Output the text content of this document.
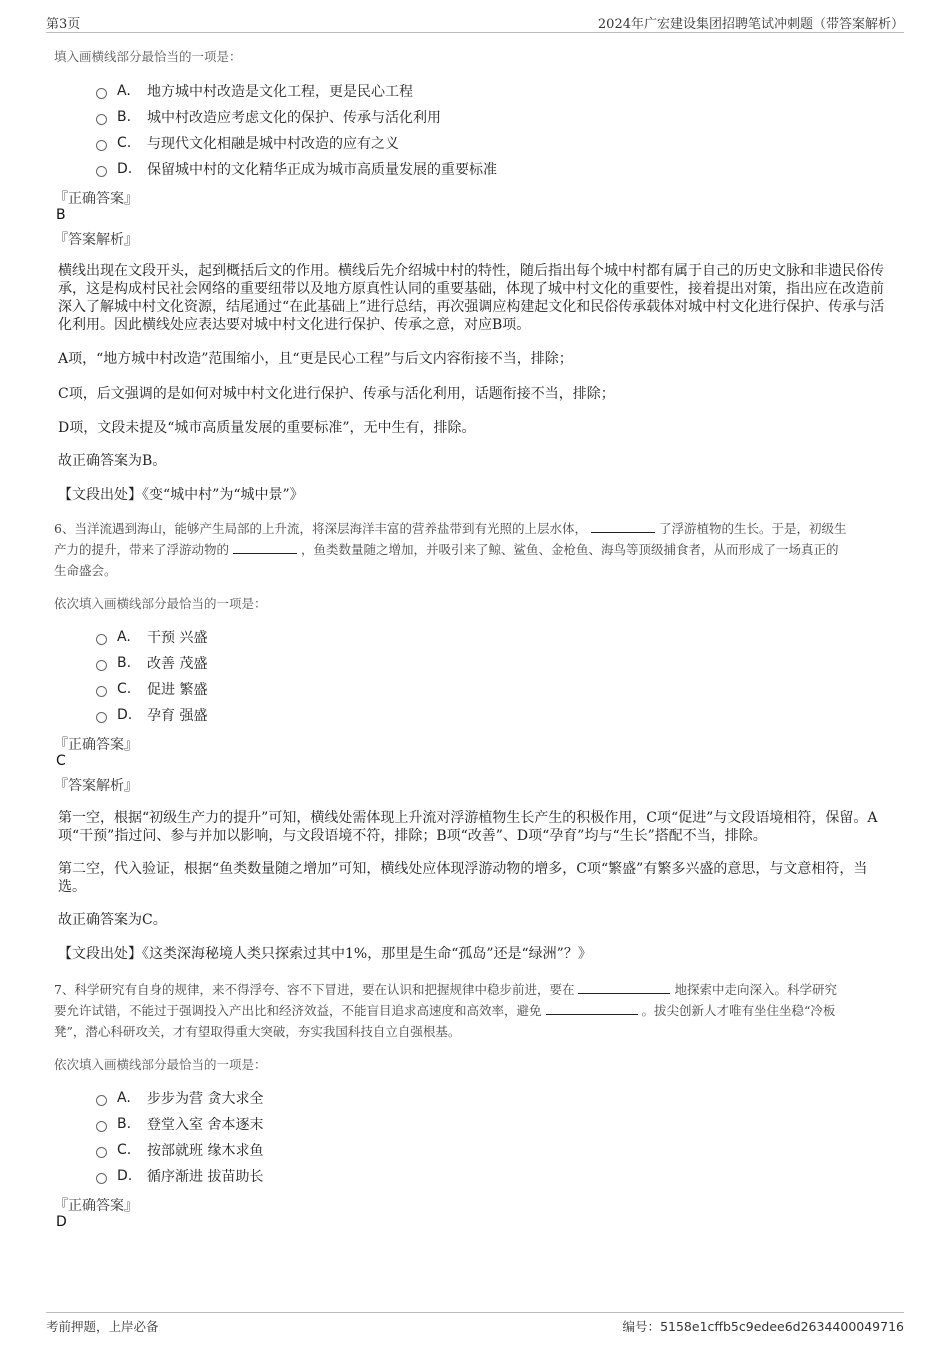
第3页	2024年广宏建设集团招聘笔试冲刺题（带答案解析）
填入画横线部分最恰当的一项是：
A.	地方城中村改造是文化工程，更是民心工程
B.	城中村改造应考虑文化的保护、传承与活化利用
C.	与现代文化相融是城中村改造的应有之义
D.	保留城中村的文化精华正成为城市高质量发展的重要标准
『正确答案』
B
『答案解析』
横线出现在文段开头，起到概括后文的作用。横线后先介绍城中村的特性，随后指出每个城中村都有属于自己的历史文脉和非遗民俗传承，这是构成村民社会网络的重要纽带以及地方原真性认同的重要基础，体现了城中村文化的重要性，接着提出对策，指出应在改造前深入了解城中村文化资源，结尾通过“在此基础上”进行总结，再次强调应构建起文化和民俗传承载体对城中村文化进行保护、传承与活化利用。因此横线处应表达要对城中村文化进行保护、传承之意，对应B项。
A项，“地方城中村改造”范围缩小，且“更是民心工程”与后文内容衔接不当，排除；
C项，后文强调的是如何对城中村文化进行保护、传承与活化利用，话题衔接不当，排除；
D项，文段未提及“城市高质量发展的重要标准”，无中生有，排除。
故正确答案为B。
【文段出处】《变“城中村”为“城中景”》
6、当洋流遇到海山，能够产生局部的上升流，将深层海洋丰富的营养盐带到有光照的上层水体，	了浮游植物的生长。于是，初级生
产力的提升，带来了浮游动物的	，鱼类数量随之增加，并吸引来了鲸、鲨鱼、金枪鱼、海鸟等顶级捕食者，从而形成了一场真正的
生命盛会。
依次填入画横线部分最恰当的一项是：
A.	干预 兴盛
B.	改善 茂盛
C.	促进 繁盛
D.	孕育 强盛
『正确答案』
C
『答案解析』
第一空，根据“初级生产力的提升”可知，横线处需体现上升流对浮游植物生长产生的积极作用，C项“促进”与文段语境相符，保留。A项“干预”指过问、参与并加以影响，与文段语境不符，排除；B项“改善”、D项“孕育”均与“生长”搭配不当，排除。
第二空，代入验证，根据“鱼类数量随之增加”可知，横线处应体现浮游动物的增多，C项“繁盛”有繁多兴盛的意思，与文意相符，当选。
故正确答案为C。
【文段出处】《这类深海秘境人类只探索过其中1%，那里是生命“孤岛”还是“绿洲”？》
7、科学研究有自身的规律，来不得浮夸、容不下冒进，要在认识和把握规律中稳步前进，要在	地探索中走向深入。科学研究
要允许试错，不能过于强调投入产出比和经济效益，不能盲目追求高速度和高效率，避免	。拔尖创新人才唯有坐住坐稳“冷板
凳”，潜心科研攻关，才有望取得重大突破，夯实我国科技自立自强根基。
依次填入画横线部分最恰当的一项是：
A.	步步为营 贪大求全
B.	登堂入室 舍本逐末
C.	按部就班 缘木求鱼
D.	循序渐进 拔苗助长
『正确答案』
D
考前押题，上岸必备	编号：5158e1cffb5c9edee6d2634400049716
